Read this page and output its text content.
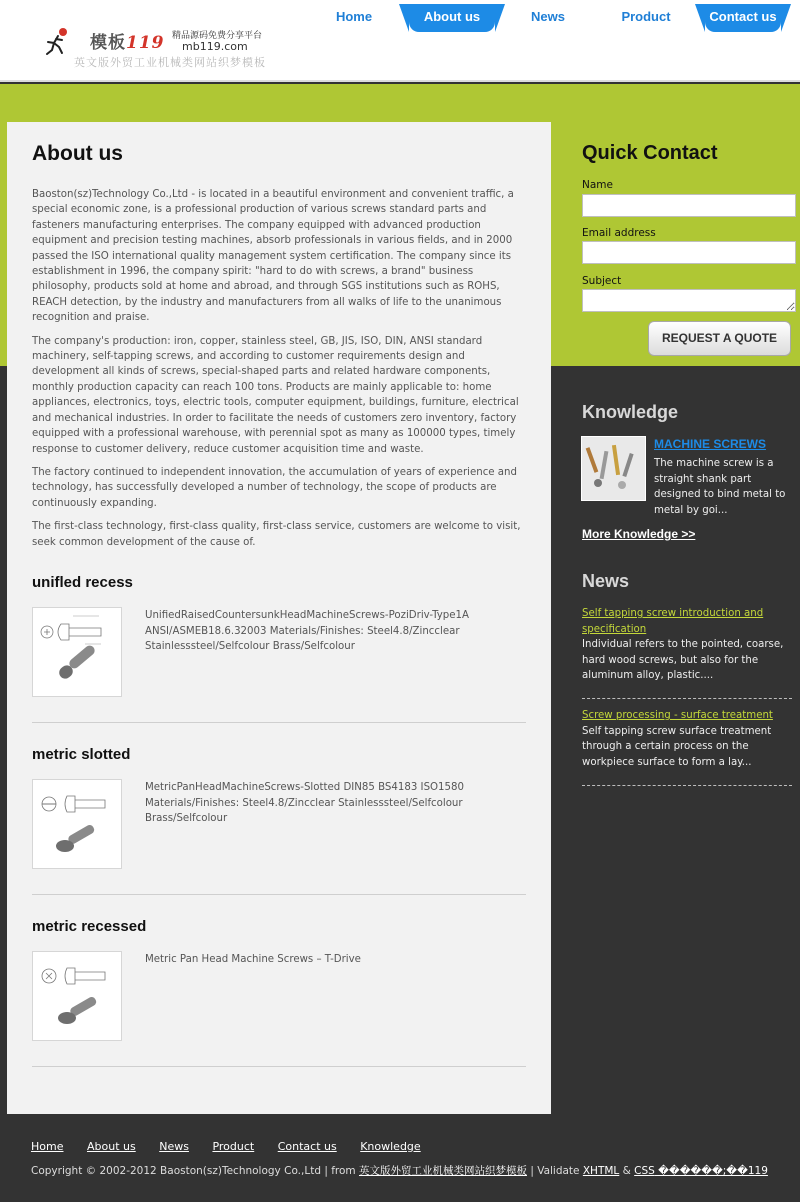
模板119 精品源码免费分享平台
mb119.com
英文版外贸工业机械类网站织梦模板
Home	About us	News	Product	Contact us
About us

Baoston(sz)Technology Co.,Ltd - is located in a beautiful environment and convenient traffic, a special economic zone, is a professional production of various screws standard parts and fasteners manufacturing enterprises. The company equipped with advanced production equipment and precision testing machines, absorb professionals in various fields, and in 2000 passed the ISO international quality management system certification. The company since its establishment in 1996, the company spirit: "hard to do with screws, a brand" business philosophy, products sold at home and abroad, and through SGS institutions such as ROHS, REACH detection, by the industry and manufacturers from all walks of life to the unanimous recognition and praise.

The company's production: iron, copper, stainless steel, GB, JIS, ISO, DIN, ANSI standard machinery, self-tapping screws, and according to customer requirements design and development all kinds of screws, special-shaped parts and related hardware components, monthly production capacity can reach 100 tons. Products are mainly applicable to: home appliances, electronics, toys, electric tools, computer equipment, buildings, furniture, electrical and mechanical industries. In order to facilitate the needs of customers zero inventory, factory equipped with a professional warehouse, with perennial spot as many as 100000 types, timely response to customer delivery, reduce customer acquisition time and waste.

The factory continued to independent innovation, the accumulation of years of experience and technology, has successfully developed a number of technology, the scope of products are continuously expanding.

The first-class technology, first-class quality, first-class service, customers are welcome to visit, seek common development of the cause of.

unifled recess
UnifiedRaisedCountersunkHeadMachineScrews-PoziDriv-Type1A ANSI/ASMEB18.6.32003 Materials/Finishes: Steel4.8/Zincclear Stainlesssteel/Selfcolour Brass/Selfcolour
metric slotted
MetricPanHeadMachineScrews-Slotted DIN85 BS4183 ISO1580 Materials/Finishes: Steel4.8/Zincclear Stainlesssteel/Selfcolour Brass/Selfcolour
metric recessed
Metric Pan Head Machine Screws – T-Drive
Quick Contact
Name
Email address
Subject
REQUEST A QUOTE
Knowledge
MACHINE SCREWS
The machine screw is a straight shank part designed to bind metal to metal by goi...
More Knowledge >>
News
Self tapping screw introduction and specification
Individual refers to the pointed, coarse, hard wood screws, but also for the aluminum alloy, plastic....
Screw processing - surface treatment
Self tapping screw surface treatment through a certain process on the workpiece surface to form a lay...
Home About us News Product Contact us Knowledge
Copyright © 2002-2012 Baoston(sz)Technology Co.,Ltd | from 英文版外贸工业机械类网站织梦模板 | Validate XHTML & CSS ������;��119
